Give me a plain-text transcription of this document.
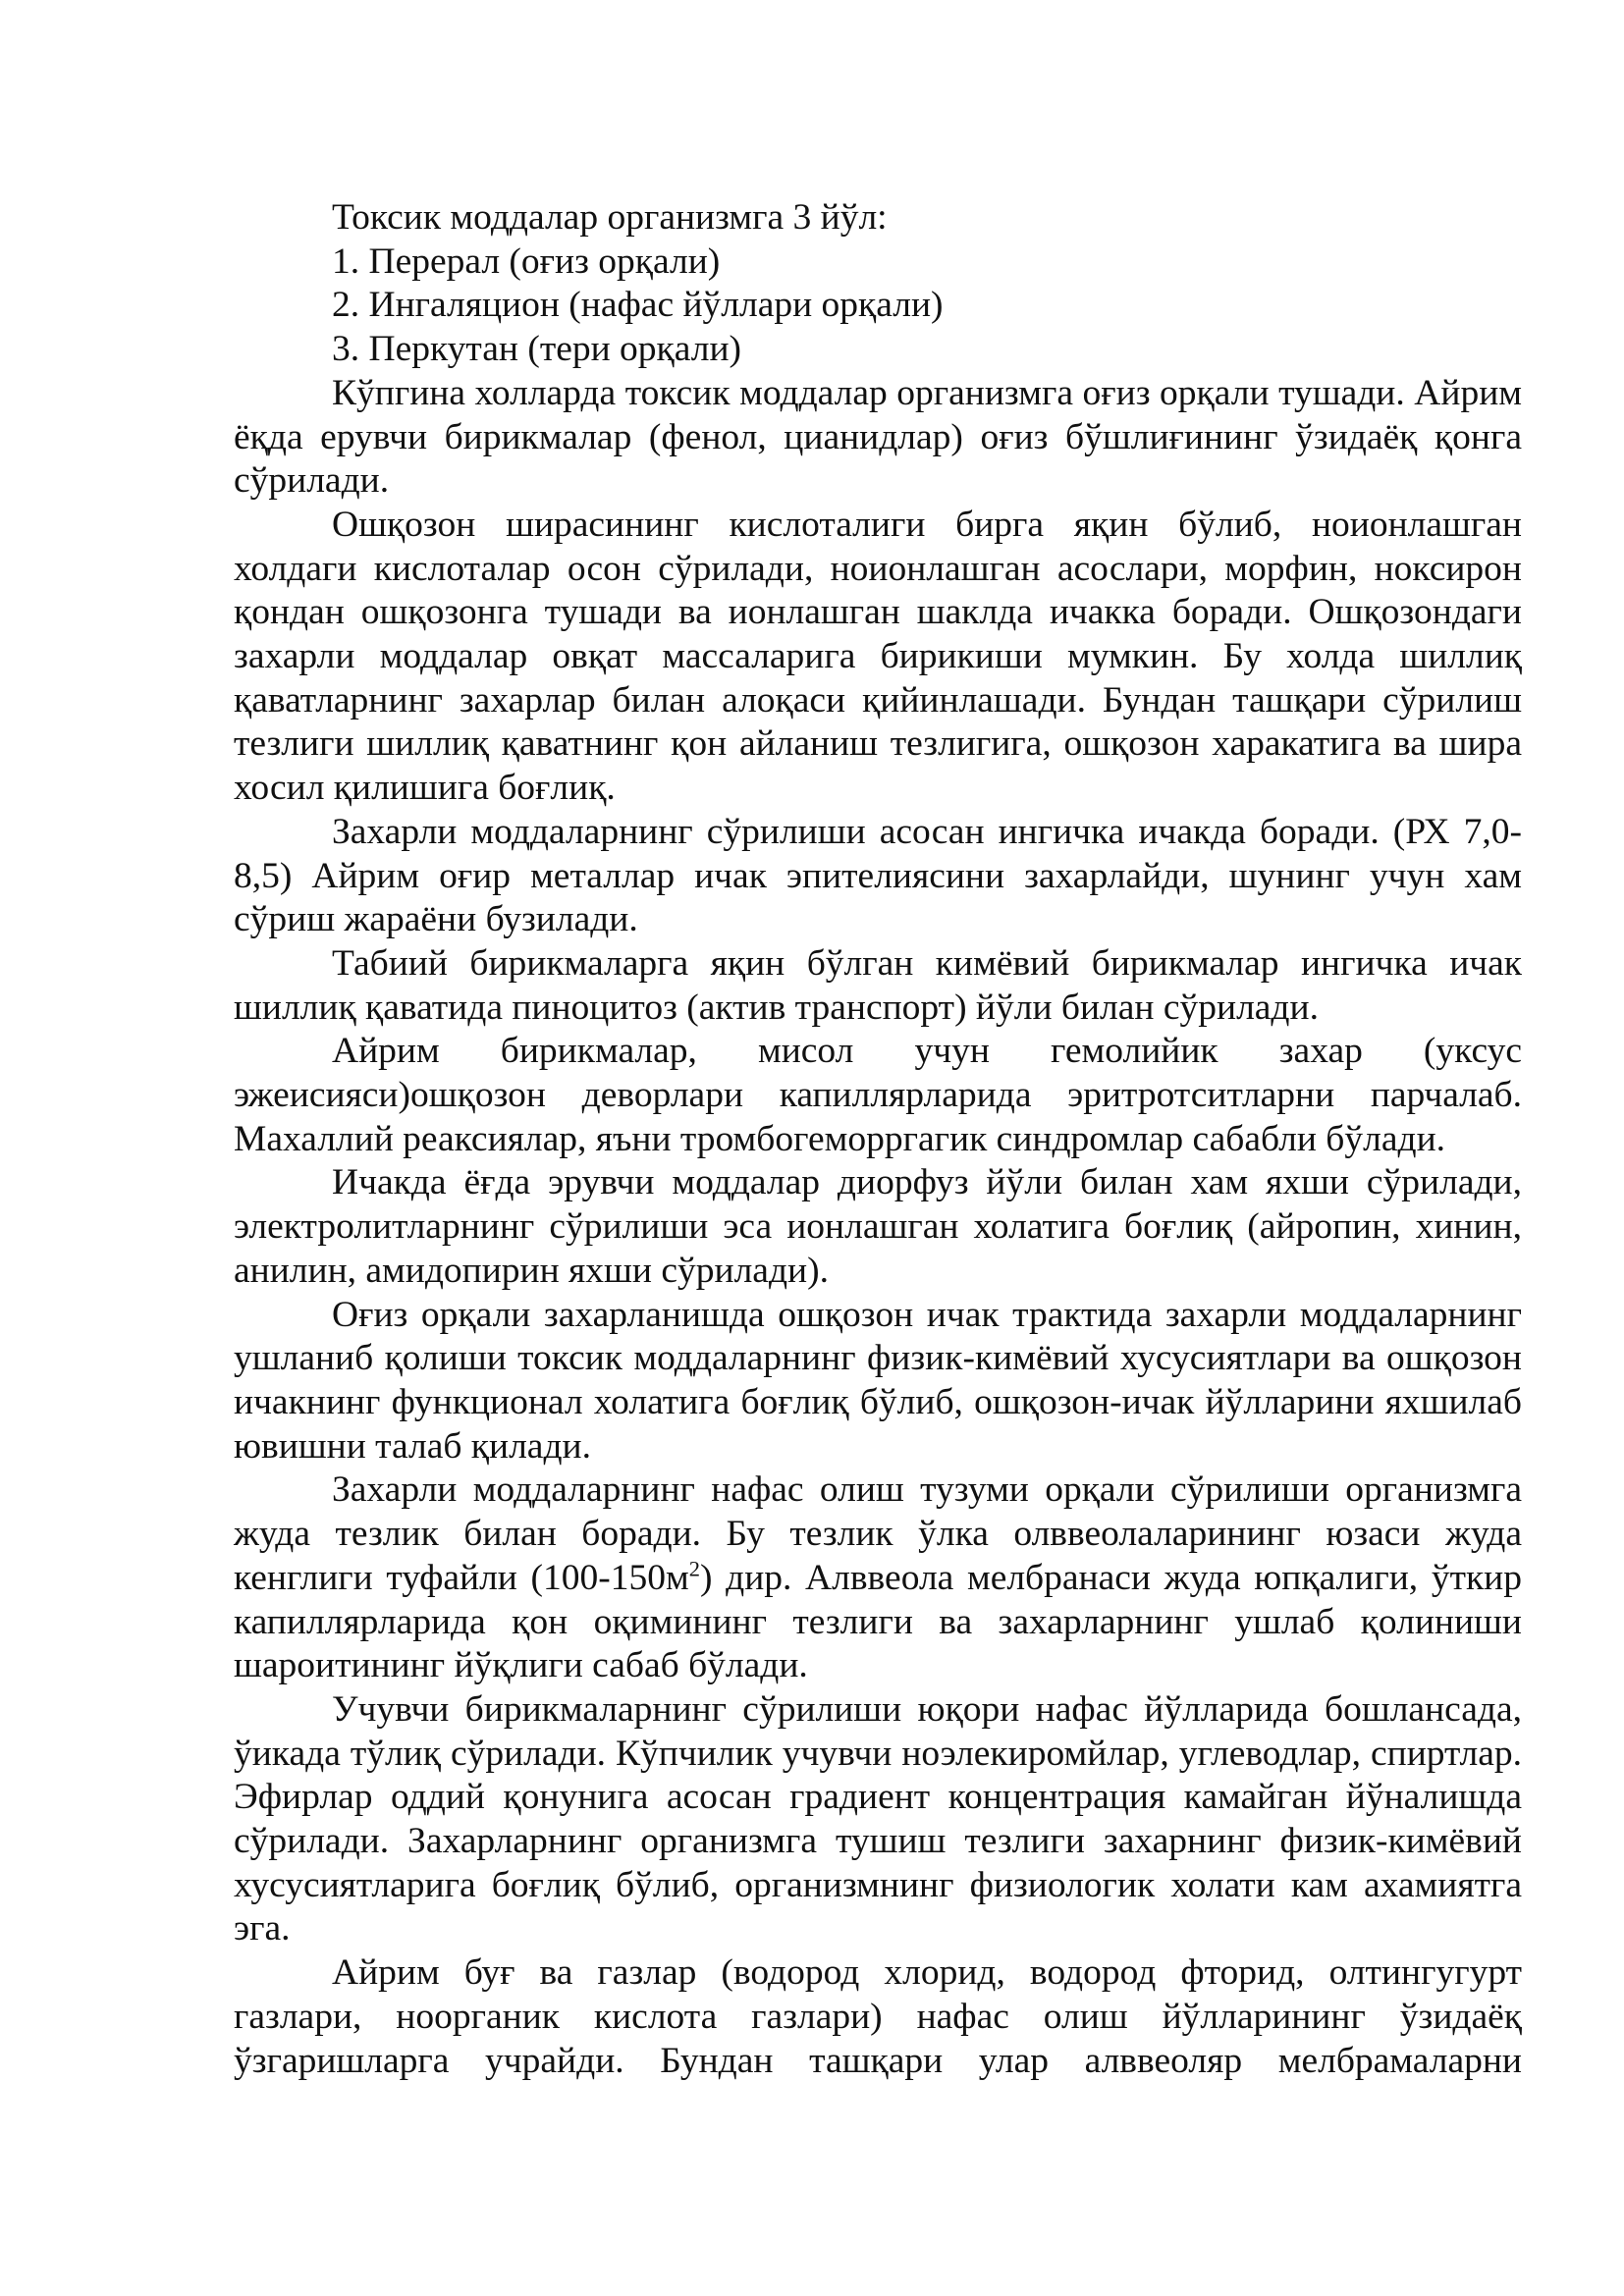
Токсик моддалар организмга 3 йўл:

1. Перерал (оғиз орқали)

2. Ингаляцион (нафас йўллари орқали)

3. Перкутан (тери орқали)

Кўпгина холларда токсик моддалар организмга оғиз орқали тушади. Айрим ёқда ерувчи бирикмалар (фенол, цианидлар) оғиз бўшлиғининг ўзидаёқ қонга сўрилади.

Ошқозон ширасининг кислоталиги бирга яқин бўлиб, ноионлашган холдаги кислоталар осон сўрилади, ноионлашган асослари, морфин, ноксирон қондан ошқозонга тушади ва ионлашган шаклда ичакка боради. Ошқозондаги захарли моддалар овқат массаларига бирикиши мумкин. Бу холда шиллиқ қаватларнинг захарлар билан алоқаси қийинлашади. Бундан ташқари сўрилиш тезлиги шиллиқ қаватнинг қон айланиш тезлигига, ошқозон харакатига ва шира хосил қилишига боғлиқ.

Захарли моддаларнинг сўрилиши асосан ингичка ичакда боради. (РХ 7,0-8,5) Айрим оғир металлар ичак эпителиясини захарлайди, шунинг учун хам сўриш жараёни бузилади.

Табиий бирикмаларга яқин бўлган кимёвий бирикмалар ингичка ичак шиллиқ қаватида пиноцитоз (актив транспорт) йўли билан сўрилади.

Айрим бирикмалар, мисол учун гемолийик захар (уксус эжеисияси)ошқозон деворлари капиллярларида эритротситларни парчалаб. Махаллий реаксиялар, яъни тромбогеморргагик синдромлар сабабли бўлади.

Ичакда ёғда эрувчи моддалар диорфуз йўли билан хам яхши сўрилади, электролитларнинг сўрилиши эса ионлашган холатига боғлиқ (айропин, хинин, анилин, амидопирин яхши сўрилади).

Оғиз орқали захарланишда ошқозон ичак трактида захарли моддаларнинг ушланиб қолиши токсик моддаларнинг физик-кимёвий хусусиятлари ва ошқозон ичакнинг функционал холатига боғлиқ бўлиб, ошқозон-ичак йўлларини яхшилаб ювишни талаб қилади.

Захарли моддаларнинг нафас олиш тузуми орқали сўрилиши организмга жуда тезлик билан боради. Бу тезлик ўлка олввеолаларининг юзаси жуда кенглиги туфайли $(100-150м^2)$ дир. Алввеола мелбранаси жуда юпқалиги, ўткир капиллярларида қон оқимининг тезлиги ва захарларнинг ушлаб қолиниши шароитининг йўқлиги сабаб бўлади.

Учувчи бирикмаларнинг сўрилиши юқори нафас йўлларида бошлансада, ўикада тўлиқ сўрилади. Кўпчилик учувчи ноэлекиромйлар, углеводлар, спиртлар. Эфирлар оддий қонунига асосан градиент концентрация камайган йўналишда сўрилади. Захарларнинг организмга тушиш тезлиги захарнинг физик-кимёвий хусусиятларига боғлиқ бўлиб, организмнинг физиологик холати кам ахамиятга эга.

Айрим буғ ва газлар (водород хлорид, водород фторид, олтингугурт газлари, ноорганик кислота газлари) нафас олиш йўлларининг ўзидаёқ ўзгаришларга учрайди. Бундан ташқари улар алввеоляр мелбрамаларни
